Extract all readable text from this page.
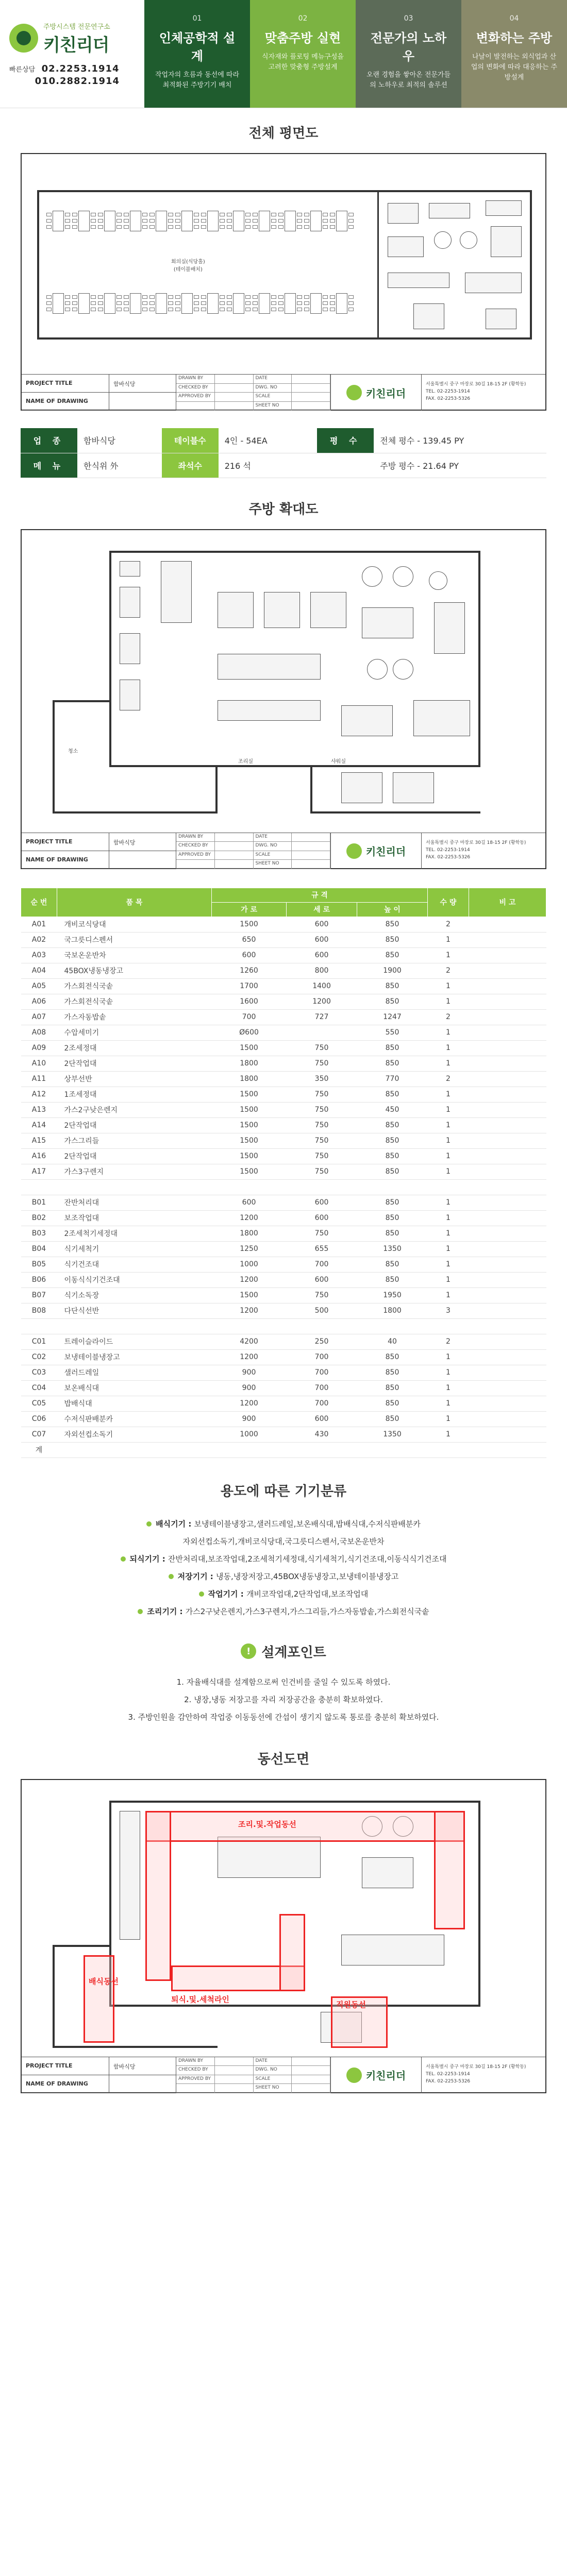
주방시스템 전문연구소
키친리더
빠른상담 02.2253.1914
010.2882.1914
01
인체공학적 설계
작업자의 흐름과 동선에 따라 최적화된 주방기기 배치
02
맞춤주방 실현
식자재와 플로팅 메뉴구성을 고려한 맞춤형 주방설계
03
전문가의 노하우
오랜 경험을 쌓아온 전문가들의 노하우로 최적의 솔루션
04
변화하는 주방
나날이 발전하는 외식업과 산업의 변화에 따라 대응하는 주방설계
전체 평면도
회의실(식당홀)
(테이블배치)
PROJECT TITLE
NAME OF DRAWING
함바식당
DRAWN BY	DATE
CHECKED BY	DWG. NO
APPROVED BY	SCALE
SHEET NO
키친리더
서울특별시 중구 마장로 30길 18-15 2F (황학동)
TEL. 02-2253-1914
FAX. 02-2253-5326
업 종	함바식당	테이블수	4인 - 54EA	평 수	전체 평수 - 139.45 PY
메 뉴	한식위 外	좌석수	216 석		주방 평수 - 21.64 PY
주방 확대도
청소
조리실	샤워실
PROJECT TITLE
NAME OF DRAWING
함바식당
DRAWN BY	DATE
CHECKED BY	DWG. NO
APPROVED BY	SCALE
SHEET NO
키친리더
서울특별시 중구 마장로 30길 18-15 2F (황학동)
TEL. 02-2253-1914
FAX. 02-2253-5326
순 번	품 목	규 격			수 량	비 고
		가 로	세 로	높 이		
A01	개비코식당대	1500	600	850	2	
A02	국그릇디스펜서	650	600	850	1	
A03	국보온운반차	600	600	850	1	
A04	45BOX냉동냉장고	1260	800	1900	2	
A05	가스회전식국솥	1700	1400	850	1	
A06	가스회전식국솥	1600	1200	850	1	
A07	가스자동밥솥	700	727	1247	2	
A08	수압세미기	Ø600		550	1	
A09	2조세정대	1500	750	850	1	
A10	2단작업대	1800	750	850	1	
A11	상부선반	1800	350	770	2	
A12	1조세정대	1500	750	850	1	
A13	가스2구낮은렌지	1500	750	450	1	
A14	2단작업대	1500	750	850	1	
A15	가스그리들	1500	750	850	1	
A16	2단작업대	1500	750	850	1	
A17	가스3구렌지	1500	750	850	1	

B01	잔반처리대	600	600	850	1	
B02	보조작업대	1200	600	850	1	
B03	2조세척기세정대	1800	750	850	1	
B04	식기세척기	1250	655	1350	1	
B05	식기건조대	1000	700	850	1	
B06	이동식식기건조대	1200	600	850	1	
B07	식기소독장	1500	750	1950	1	
B08	다단식선반	1200	500	1800	3	

C01	트레이슬라이드	4200	250	40	2	
C02	보냉테이블냉장고	1200	700	850	1	
C03	샐러드레일	900	700	850	1	
C04	보온배식대	900	700	850	1	
C05	밥배식대	1200	700	850	1	
C06	수저식판배분카	900	600	850	1	
C07	자외선컵소독기	1000	430	1350	1	
계						
용도에 따른 기기분류
배식기기 : 보냉테이블냉장고,샐러드레일,보온배식대,밥배식대,수저식판배분카
자외선컵소독기,개비코식당대,국그릇디스펜서,국보온운반차
되식기기 : 잔반처리대,보조작업대,2조세척기세정대,식기세척기,식기건조대,이동식식기건조대
저장기기 : 냉동,냉장저장고,45BOX냉동냉장고,보냉테이블냉장고
작업기기 : 개비코작업대,2단작업대,보조작업대
조리기기 : 가스2구낮은렌지,가스3구렌지,가스그리들,가스자동밥솥,가스회전식국솥
! 설계포인트
1. 자율배식대를 설계함으로써 인건비를 줄일 수 있도록 하였다.
2. 냉장,냉동 저장고를 자리 저장공간을 충분히 확보하였다.
3. 주방인원을 감안하여 작업중 이동동선에 간섭이 생기지 않도록 통로를 충분히 확보하였다.
동선도면
조리.및.작업동선
배식동선
퇴식.및.세척라인
직원동선
PROJECT TITLE
NAME OF DRAWING
함바식당
DRAWN BY	DATE
CHECKED BY	DWG. NO
APPROVED BY	SCALE
SHEET NO
키친리더
서울특별시 중구 마장로 30길 18-15 2F (황학동)
TEL. 02-2253-1914
FAX. 02-2253-5326
